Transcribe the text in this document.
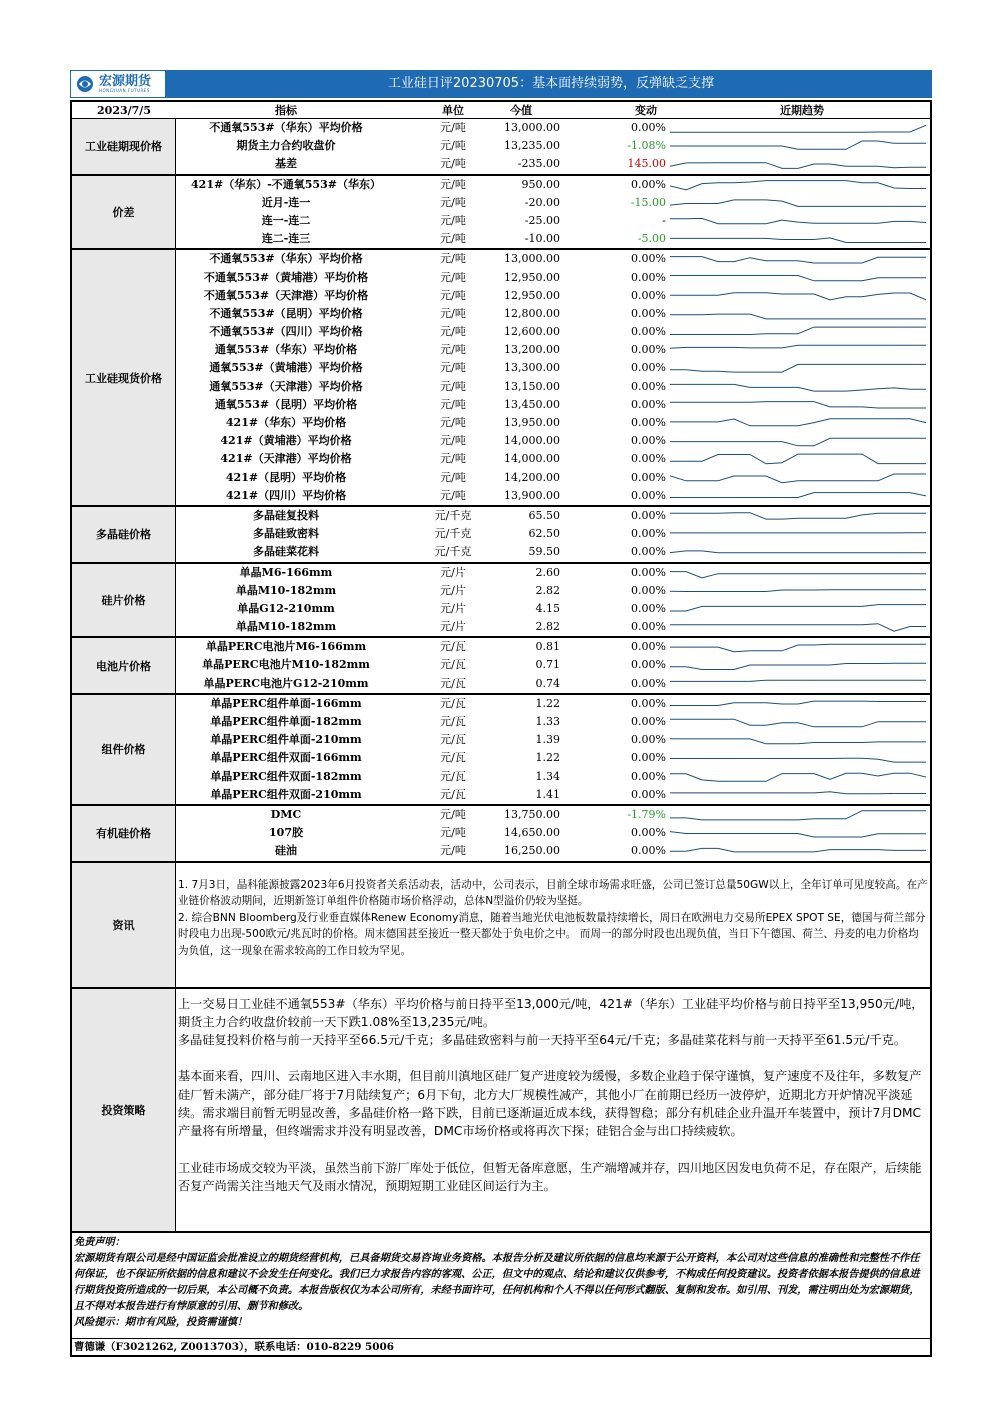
宏源期货
HONGYUAN FUTURES	工业硅日评20230705：基本面持续弱势，反弹缺乏支撑
2023/7/5	指标	单位	今值	变动	近期趋势
工业硅期现价格
不通氧553#（华东）平均价格	元/吨	13,000.00	0.00%
期货主力合约收盘价	元/吨	13,235.00	-1.08%
基差	元/吨	-235.00	145.00
价差
421#（华东）-不通氧553#（华东）	元/吨	950.00	0.00%
近月-连一	元/吨	-20.00	-15.00
连一-连二	元/吨	-25.00	-
连二-连三	元/吨	-10.00	-5.00
工业硅现货价格
不通氧553#（华东）平均价格	元/吨	13,000.00	0.00%
不通氧553#（黄埔港）平均价格	元/吨	12,950.00	0.00%
不通氧553#（天津港）平均价格	元/吨	12,950.00	0.00%
不通氧553#（昆明）平均价格	元/吨	12,800.00	0.00%
不通氧553#（四川）平均价格	元/吨	12,600.00	0.00%
通氧553#（华东）平均价格	元/吨	13,200.00	0.00%
通氧553#（黄埔港）平均价格	元/吨	13,300.00	0.00%
通氧553#（天津港）平均价格	元/吨	13,150.00	0.00%
通氧553#（昆明）平均价格	元/吨	13,450.00	0.00%
421#（华东）平均价格	元/吨	13,950.00	0.00%
421#（黄埔港）平均价格	元/吨	14,000.00	0.00%
421#（天津港）平均价格	元/吨	14,000.00	0.00%
421#（昆明）平均价格	元/吨	14,200.00	0.00%
421#（四川）平均价格	元/吨	13,900.00	0.00%
多晶硅价格
多晶硅复投料	元/千克	65.50	0.00%
多晶硅致密料	元/千克	62.50	0.00%
多晶硅菜花料	元/千克	59.50	0.00%
硅片价格
单晶M6-166mm	元/片	2.60	0.00%
单晶M10-182mm	元/片	2.82	0.00%
单晶G12-210mm	元/片	4.15	0.00%
单晶M10-182mm	元/片	2.82	0.00%
电池片价格
单晶PERC电池片M6-166mm	元/瓦	0.81	0.00%
单晶PERC电池片M10-182mm	元/瓦	0.71	0.00%
单晶PERC电池片G12-210mm	元/瓦	0.74	0.00%
组件价格
单晶PERC组件单面-166mm	元/瓦	1.22	0.00%
单晶PERC组件单面-182mm	元/瓦	1.33	0.00%
单晶PERC组件单面-210mm	元/瓦	1.39	0.00%
单晶PERC组件双面-166mm	元/瓦	1.22	0.00%
单晶PERC组件双面-182mm	元/瓦	1.34	0.00%
单晶PERC组件双面-210mm	元/瓦	1.41	0.00%
有机硅价格
DMC	元/吨	13,750.00	-1.79%
107胶	元/吨	14,650.00	0.00%
硅油	元/吨	16,250.00	0.00%
资讯

1. 7月3日，晶科能源披露2023年6月投资者关系活动表，活动中，公司表示，目前全球市场需求旺盛，公司已签订总量50GW以上，全年订单可见度较高。在产业链价格波动期间，近期新签订单组件价格随市场价格浮动，总体N型溢价仍较为坚挺。

2. 综合BNN Bloomberg及行业垂直媒体Renew Economy消息，随着当地光伏电池板数量持续增长，周日在欧洲电力交易所EPEX SPOT SE，德国与荷兰部分时段电力出现-500欧元/兆瓦时的价格。周末德国甚至接近一整天都处于负电价之中。 而周一的部分时段也出现负值，当日下午德国、荷兰、丹麦的电力价格均为负值，这一现象在需求较高的工作日较为罕见。

投资策略

上一交易日工业硅不通氧553#（华东）平均价格与前日持平至13,000元/吨，421#（华东）工业硅平均价格与前日持平至13,950元/吨，期货主力合约收盘价较前一天下跌1.08%至13,235元/吨。

多晶硅复投料价格与前一天持平至66.5元/千克；多晶硅致密料与前一天持平至64元/千克；多晶硅菜花料与前一天持平至61.5元/千克。

基本面来看，四川、云南地区进入丰水期，但目前川滇地区硅厂复产进度较为缓慢，多数企业趋于保守谨慎，复产速度不及往年，多数复产硅厂暂未满产，部分硅厂将于7月陆续复产；6月下旬，北方大厂规模性减产，其他小厂在前期已经历一波停炉，近期北方开炉情况平淡延续。需求端目前暂无明显改善，多晶硅价格一路下跌，目前已逐渐逼近成本线，获得智稳；部分有机硅企业升温开车装置中，预计7月DMC产量将有所增量，但终端需求并没有明显改善，DMC市场价格或将再次下探；硅铝合金与出口持续疲软。

工业硅市场成交较为平淡，虽然当前下游厂库处于低位，但暂无备库意愿，生产端增减并存，四川地区因发电负荷不足，存在限产，后续能否复产尚需关注当地天气及雨水情况，预期短期工业硅区间运行为主。

免责声明：
宏源期货有限公司是经中国证监会批准设立的期货经营机构，已具备期货交易咨询业务资格。本报告分析及建议所依据的信息均来源于公开资料，本公司对这些信息的准确性和完整性不作任何保证，也不保证所依据的信息和建议不会发生任何变化。我们已力求报告内容的客观、公正，但文中的观点、结论和建议仅供参考，不构成任何投资建议。投资者依据本报告提供的信息进行期货投资所造成的一切后果，本公司概不负责。本报告版权仅为本公司所有，未经书面许可，任何机构和个人不得以任何形式翻版、复制和发布。如引用、刊发，需注明出处为宏源期货，且不得对本报告进行有悖原意的引用、删节和修改。
风险提示：期市有风险，投资需谨慎！
曹德谦（F3021262, Z0013703），联系电话：010-8229 5006
